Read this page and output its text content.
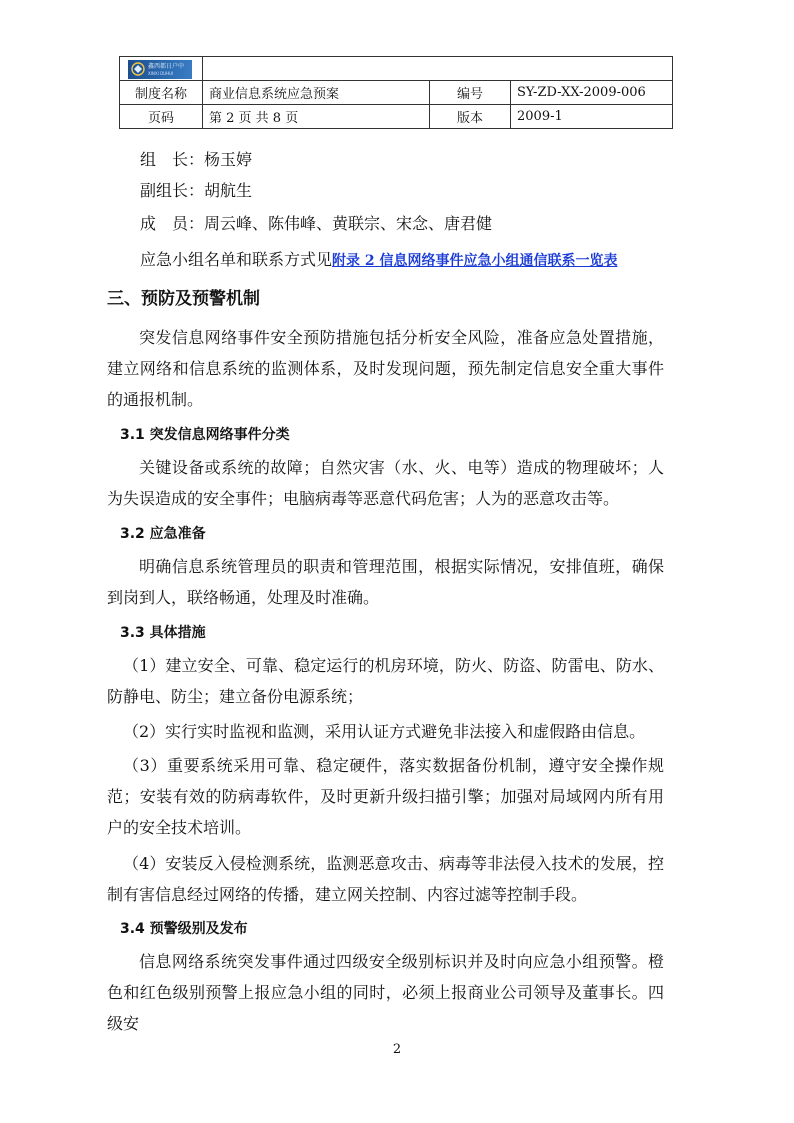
鑫西都日户中
XINXI DUHUI			

制度名称	商业信息系统应急预案	编号	SY-ZD-XX-2009-006
页码	第 2 页 共 8 页	版本	2009-1
组　长：杨玉婷
副组长：胡航生
成　员：周云峰、陈伟峰、黄联宗、宋念、唐君健
应急小组名单和联系方式见附录 2 信息网络事件应急小组通信联系一览表
三、预防及预警机制
突发信息网络事件安全预防措施包括分析安全风险，准备应急处置措施，建立网络和信息系统的监测体系，及时发现问题，预先制定信息安全重大事件的通报机制。
3.1 突发信息网络事件分类
关键设备或系统的故障；自然灾害（水、火、电等）造成的物理破坏；人为失误造成的安全事件；电脑病毒等恶意代码危害；人为的恶意攻击等。
3.2 应急准备
明确信息系统管理员的职责和管理范围，根据实际情况，安排值班，确保到岗到人，联络畅通，处理及时准确。
3.3 具体措施
（1）建立安全、可靠、稳定运行的机房环境，防火、防盗、防雷电、防水、防静电、防尘；建立备份电源系统；
（2）实行实时监视和监测，采用认证方式避免非法接入和虚假路由信息。
（3）重要系统采用可靠、稳定硬件，落实数据备份机制，遵守安全操作规范；安装有效的防病毒软件，及时更新升级扫描引擎；加强对局域网内所有用户的安全技术培训。
（4）安装反入侵检测系统，监测恶意攻击、病毒等非法侵入技术的发展，控制有害信息经过网络的传播，建立网关控制、内容过滤等控制手段。
3.4 预警级别及发布
信息网络系统突发事件通过四级安全级别标识并及时向应急小组预警。橙色和红色级别预警上报应急小组的同时，必须上报商业公司领导及董事长。四级安
2
